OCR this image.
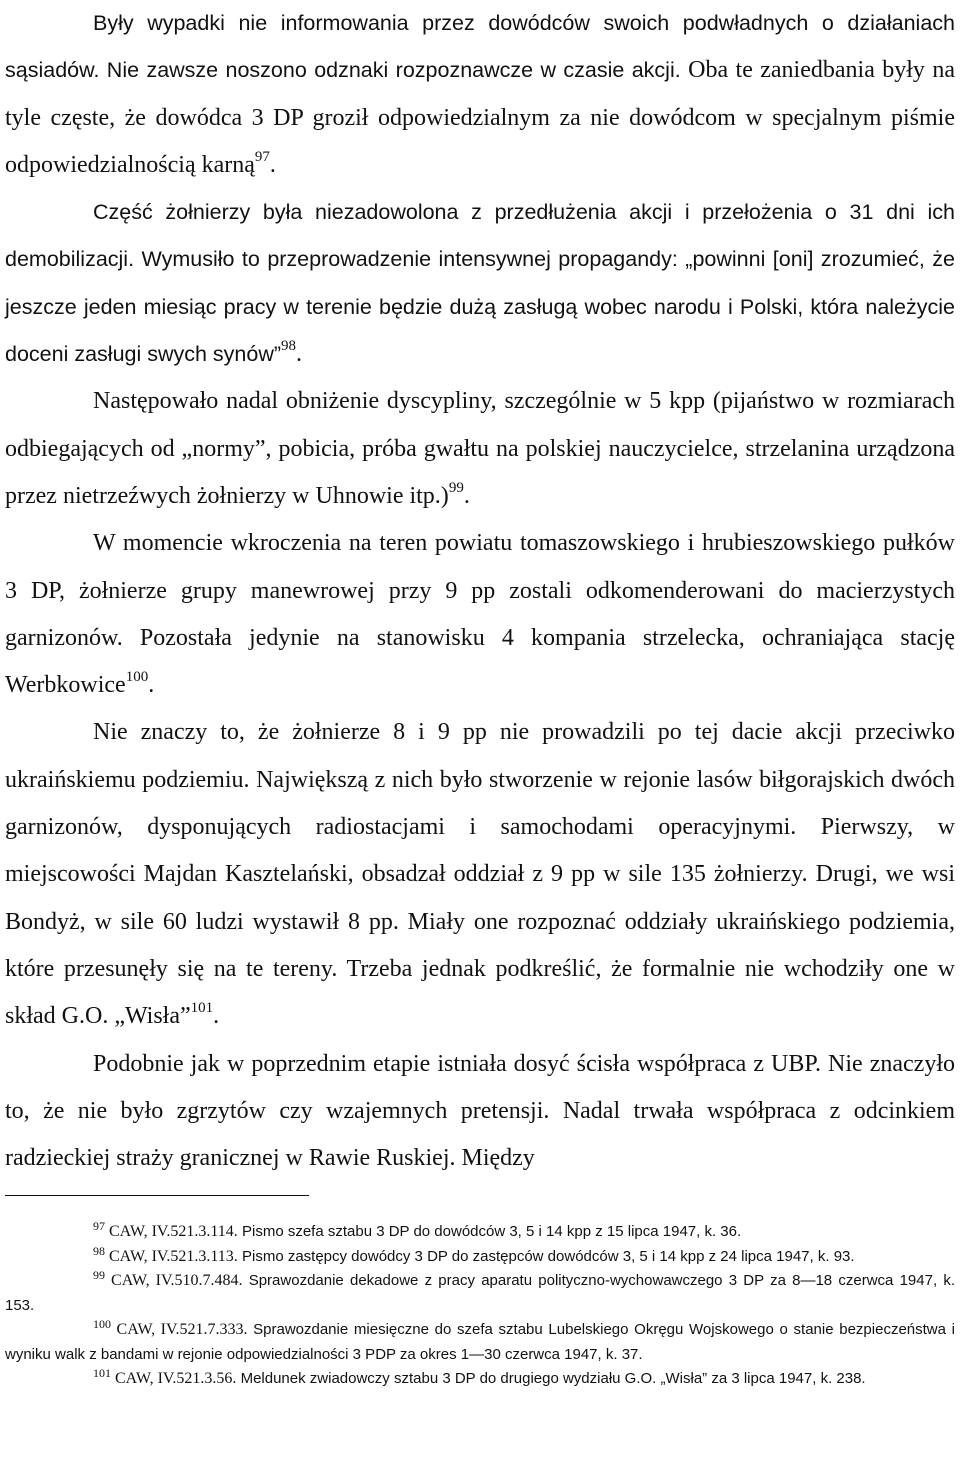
Były wypadki nie informowania przez dowódców swoich podwładnych o działaniach sąsiadów. Nie zawsze noszono odznaki rozpoznawcze w czasie akcji. Oba te zaniedbania były na tyle częste, że dowódca 3 DP groził odpowiedzialnym za nie dowódcom w specjalnym piśmie odpowiedzialnością karną$^{97}$.

Część żołnierzy była niezadowolona z przedłużenia akcji i przełożenia o 31 dni ich demobilizacji. Wymusiło to przeprowadzenie intensywnej propagandy: „powinni [oni] zrozumieć, że jeszcze jeden miesiąc pracy w terenie będzie dużą zasługą wobec narodu i Polski, która należycie doceni zasługi swych synów”$^{98}$.

Następowało nadal obniżenie dyscypliny, szczególnie w 5 kpp (pijaństwo w rozmiarach odbiegających od „normy”, pobicia, próba gwałtu na polskiej nauczycielce, strzelanina urządzona przez nietrzeźwych żołnierzy w Uhnowie itp.)$^{99}$.

W momencie wkroczenia na teren powiatu tomaszowskiego i hrubieszowskiego pułków 3 DP, żołnierze grupy manewrowej przy 9 pp zostali odkomenderowani do macierzystych garnizonów. Pozostała jedynie na stanowisku 4 kompania strzelecka, ochraniająca stację Werbkowice$^{100}$.

Nie znaczy to, że żołnierze 8 i 9 pp nie prowadzili po tej dacie akcji przeciwko ukraińskiemu podziemiu. Największą z nich było stworzenie w rejonie lasów biłgorajskich dwóch garnizonów, dysponujących radiostacjami i samochodami operacyjnymi. Pierwszy, w miejscowości Majdan Kasztelański, obsadzał oddział z 9 pp w sile 135 żołnierzy. Drugi, we wsi Bondyż, w sile 60 ludzi wystawił 8 pp. Miały one rozpoznać oddziały ukraińskiego podziemia, które przesunęły się na te tereny. Trzeba jednak podkreślić, że formalnie nie wchodziły one w skład G.O. „Wisła”$^{101}$.

Podobnie jak w poprzednim etapie istniała dosyć ścisła współpraca z UBP. Nie znaczyło to, że nie było zgrzytów czy wzajemnych pretensji. Nadal trwała współpraca z odcinkiem radzieckiej straży granicznej w Rawie Ruskiej. Między

$^{97}$ CAW, IV.521.3.114. Pismo szefa sztabu 3 DP do dowódców 3, 5 i 14 kpp z 15 lipca 1947, k. 36.

$^{98}$ CAW, IV.521.3.113. Pismo zastępcy dowódcy 3 DP do zastępców dowódców 3, 5 i 14 kpp z 24 lipca 1947, k. 93.

$^{99}$ CAW, IV.510.7.484. Sprawozdanie dekadowe z pracy aparatu polityczno-wychowawczego 3 DP za 8—18 czerwca 1947, k. 153.

$^{100}$ CAW, IV.521.7.333. Sprawozdanie miesięczne do szefa sztabu Lubelskiego Okręgu Wojskowego o stanie bezpieczeństwa i wyniku walk z bandami w rejonie odpowiedzialności 3 PDP za okres 1—30 czerwca 1947, k. 37.

$^{101}$ CAW, IV.521.3.56. Meldunek zwiadowczy sztabu 3 DP do drugiego wydziału G.O. „Wisła” za 3 lipca 1947, k. 238.
